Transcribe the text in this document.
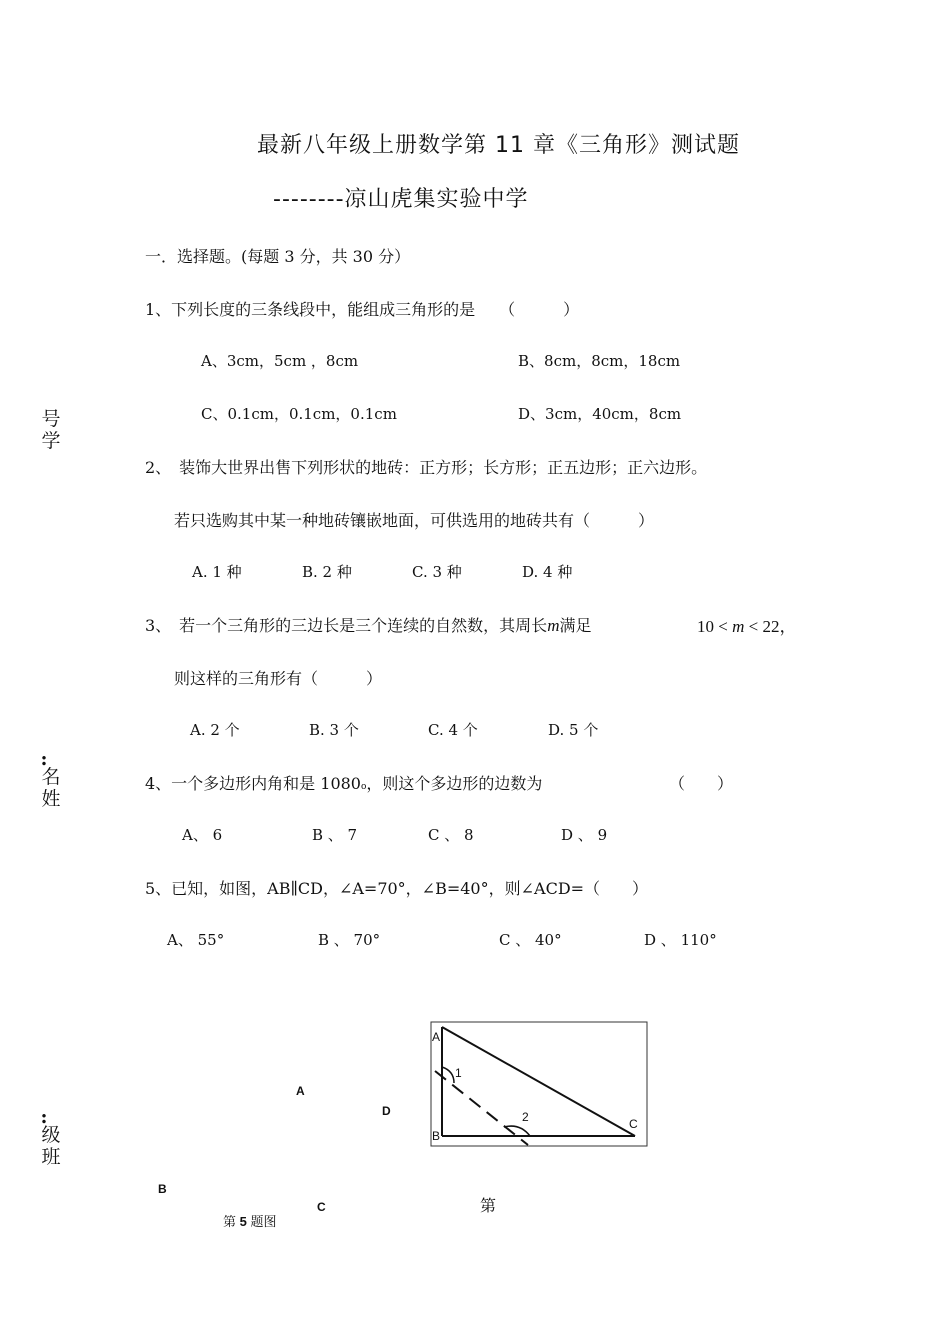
最新八年级上册数学第 11 章《三角形》测试题
--------凉山虎集实验中学
号学
:
名姓
:
级班
一．选择题。(每题 3 分，共 30 分）
1、下列长度的三条线段中，能组成三角形的是　　（　　　）
A、3cm，5cm ，8cm	B、8cm，8cm，18cm
C、0.1cm，0.1cm，0.1cm	D、3cm，40cm，8cm
2、　装饰大世界出售下列形状的地砖：正方形；长方形；正五边形；正六边形。
若只选购其中某一种地砖镶嵌地面，可供选用的地砖共有（　　　）
A. 1 种	B. 2 种	C. 3 种	D. 4 种
3、　若一个三角形的三边长是三个连续的自然数，其周长m满足	10 < m < 22，
则这样的三角形有（　　　）
A. 2 个	B. 3 个	C. 4 个	D. 5 个
4、一个多边形内角和是 1080o，则这个多边形的边数为	（　　）
A、 6	B 、 7	C 、 8	D 、 9
5、已知，如图，AB∥CD，∠A=70°，∠B=40°，则∠ACD=（　　）
A、 55°	B 、 70°	C 、 40°	D 、 110°
A
D
B
C
第 5 题图
A
B
C
1
2
第
